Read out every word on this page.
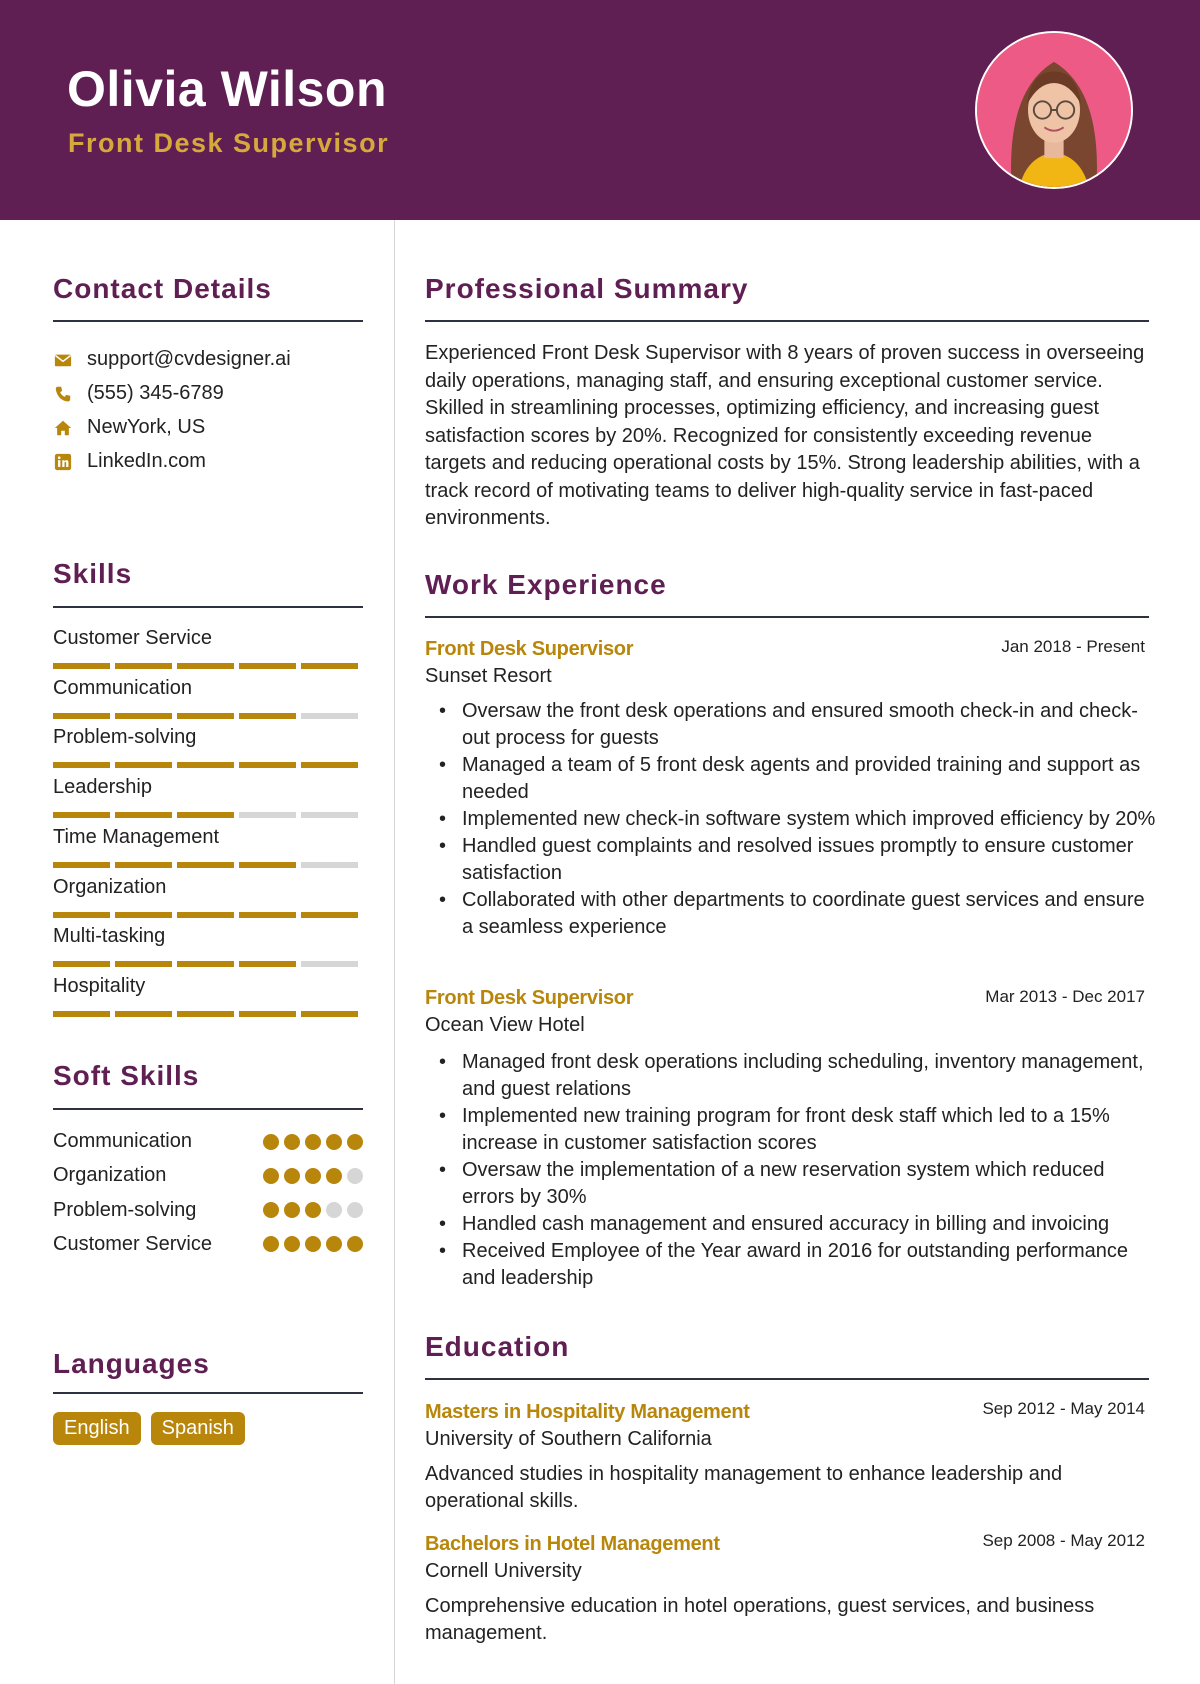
Olivia Wilson
Front Desk Supervisor
Contact Details
support@cvdesigner.ai
(555) 345-6789
NewYork, US
LinkedIn.com
Skills
Customer Service
Communication
Problem-solving
Leadership
Time Management
Organization
Multi-tasking
Hospitality
Soft Skills
Communication
Organization
Problem-solving
Customer Service
Languages
English	Spanish
Professional Summary
Experienced Front Desk Supervisor with 8 years of proven success in overseeing daily operations, managing staff, and ensuring exceptional customer service. Skilled in streamlining processes, optimizing efficiency, and increasing guest satisfaction scores by 20%. Recognized for consistently exceeding revenue targets and reducing operational costs by 15%. Strong leadership abilities, with a track record of motivating teams to deliver high-quality service in fast-paced environments.
Work Experience
Front Desk Supervisor	Jan 2018 - Present
Sunset Resort
• Oversaw the front desk operations and ensured smooth check-in and check-out process for guests
• Managed a team of 5 front desk agents and provided training and support as needed
• Implemented new check-in software system which improved efficiency by 20%
• Handled guest complaints and resolved issues promptly to ensure customer satisfaction
• Collaborated with other departments to coordinate guest services and ensure a seamless experience
Front Desk Supervisor	Mar 2013 - Dec 2017
Ocean View Hotel
• Managed front desk operations including scheduling, inventory management, and guest relations
• Implemented new training program for front desk staff which led to a 15% increase in customer satisfaction scores
• Oversaw the implementation of a new reservation system which reduced errors by 30%
• Handled cash management and ensured accuracy in billing and invoicing
• Received Employee of the Year award in 2016 for outstanding performance and leadership
Education
Masters in Hospitality Management	Sep 2012 - May 2014
University of Southern California
Advanced studies in hospitality management to enhance leadership and operational skills.
Bachelors in Hotel Management	Sep 2008 - May 2012
Cornell University
Comprehensive education in hotel operations, guest services, and business management.
